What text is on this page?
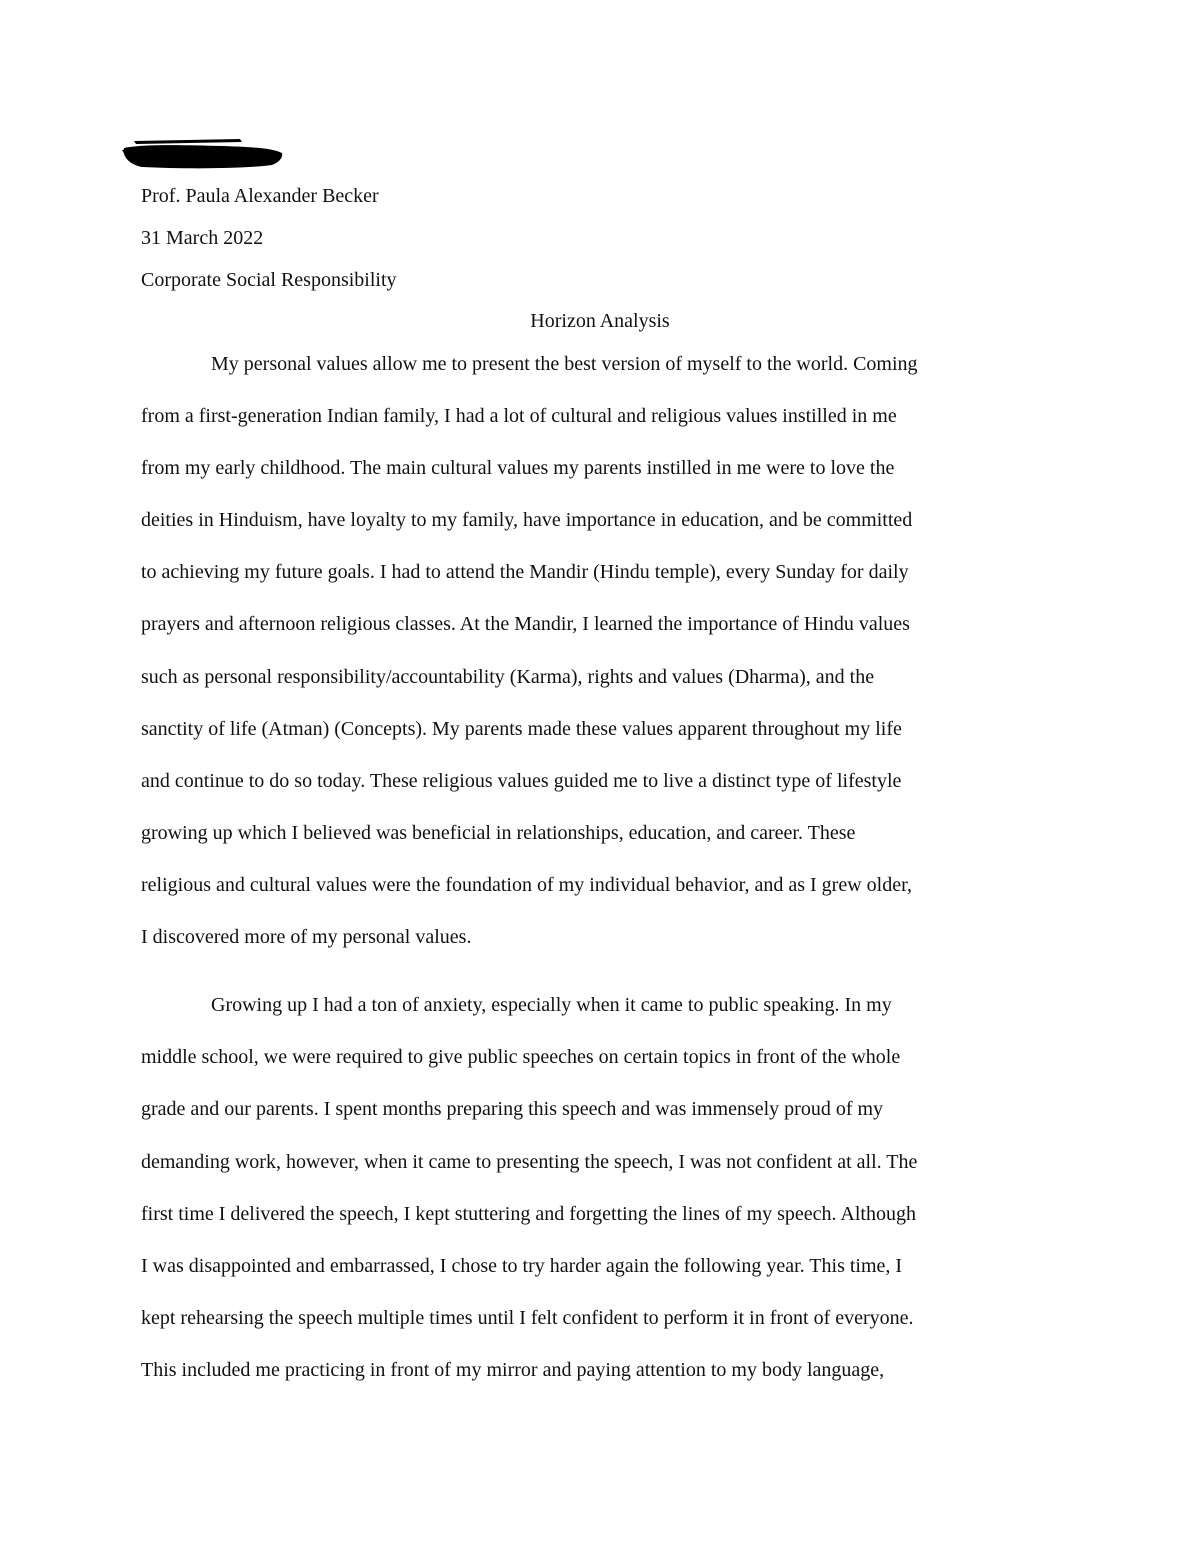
Prof. Paula Alexander Becker
31 March 2022
Corporate Social Responsibility
Horizon Analysis
My personal values allow me to present the best version of myself to the world. Coming
from a first-generation Indian family, I had a lot of cultural and religious values instilled in me
from my early childhood. The main cultural values my parents instilled in me were to love the
deities in Hinduism, have loyalty to my family, have importance in education, and be committed
to achieving my future goals. I had to attend the Mandir (Hindu temple), every Sunday for daily
prayers and afternoon religious classes. At the Mandir, I learned the importance of Hindu values
such as personal responsibility/accountability (Karma), rights and values (Dharma), and the
sanctity of life (Atman) (Concepts). My parents made these values apparent throughout my life
and continue to do so today. These religious values guided me to live a distinct type of lifestyle
growing up which I believed was beneficial in relationships, education, and career. These
religious and cultural values were the foundation of my individual behavior, and as I grew older,
I discovered more of my personal values.
Growing up I had a ton of anxiety, especially when it came to public speaking. In my
middle school, we were required to give public speeches on certain topics in front of the whole
grade and our parents. I spent months preparing this speech and was immensely proud of my
demanding work, however, when it came to presenting the speech, I was not confident at all. The
first time I delivered the speech, I kept stuttering and forgetting the lines of my speech. Although
I was disappointed and embarrassed, I chose to try harder again the following year. This time, I
kept rehearsing the speech multiple times until I felt confident to perform it in front of everyone.
This included me practicing in front of my mirror and paying attention to my body language,
